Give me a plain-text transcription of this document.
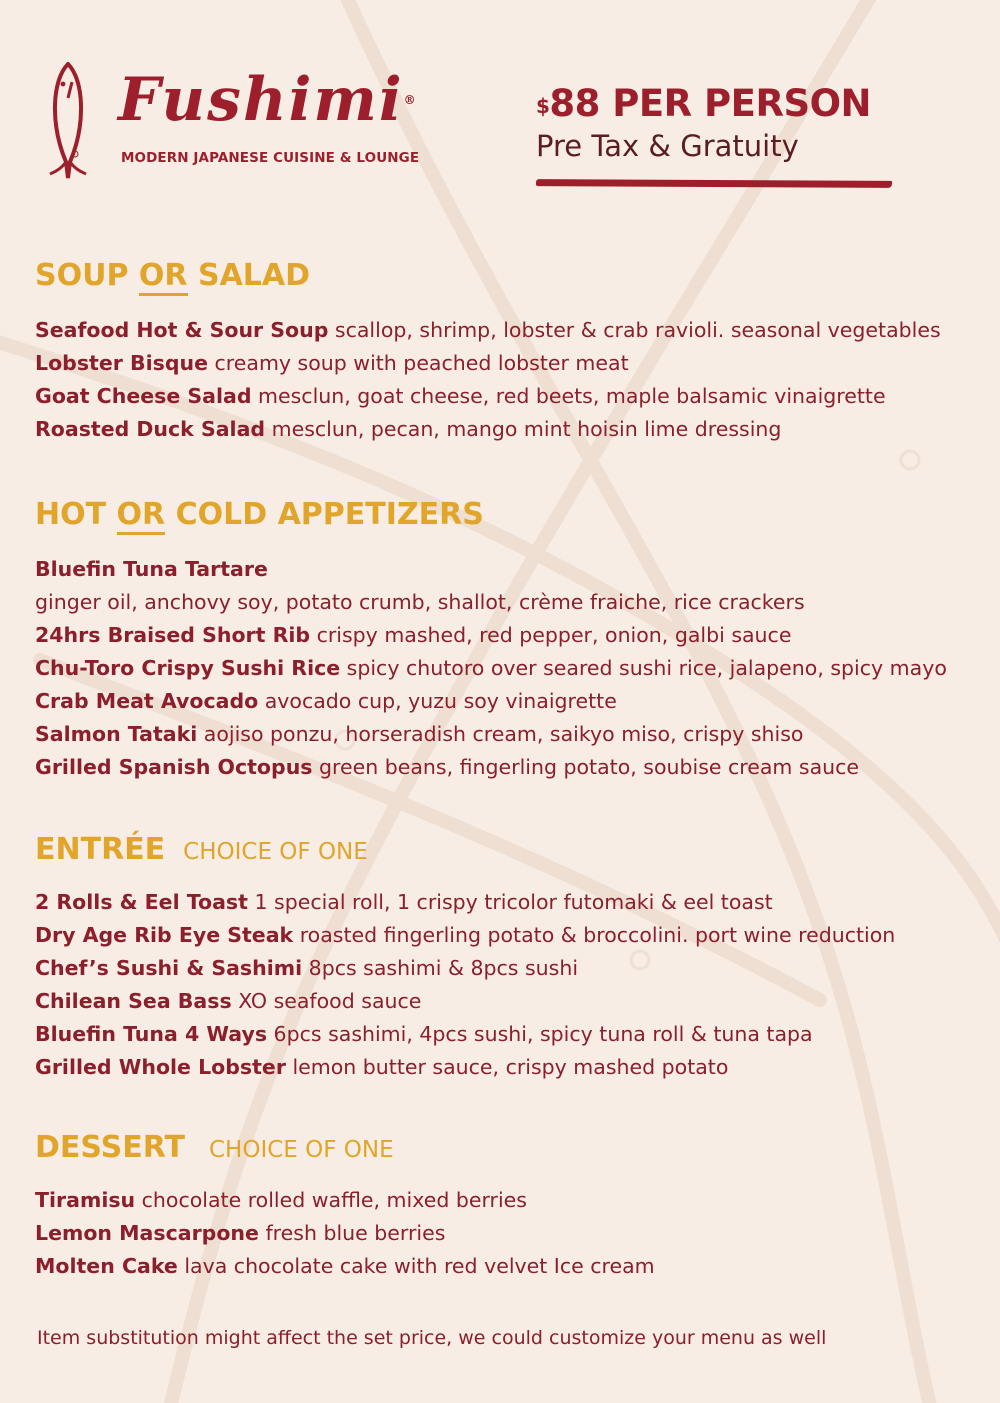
Fushimi®
MODERN JAPANESE CUISINE & LOUNGE
$88 PER PERSON
Pre Tax & Gratuity
SOUP OR SALAD
Seafood Hot & Sour Soup scallop, shrimp, lobster & crab ravioli. seasonal vegetables
Lobster Bisque creamy soup with peached lobster meat
Goat Cheese Salad mesclun, goat cheese, red beets, maple balsamic vinaigrette
Roasted Duck Salad mesclun, pecan, mango mint hoisin lime dressing
HOT OR COLD APPETIZERS
Bluefin Tuna Tartare
ginger oil, anchovy soy, potato crumb, shallot, crème fraiche, rice crackers
24hrs Braised Short Rib crispy mashed, red pepper, onion, galbi sauce
Chu-Toro Crispy Sushi Rice spicy chutoro over seared sushi rice, jalapeno, spicy mayo
Crab Meat Avocado avocado cup, yuzu soy vinaigrette
Salmon Tataki aojiso ponzu, horseradish cream, saikyo miso, crispy shiso
Grilled Spanish Octopus green beans, fingerling potato, soubise cream sauce
ENTRÉE CHOICE OF ONE
2 Rolls & Eel Toast 1 special roll, 1 crispy tricolor futomaki & eel toast
Dry Age Rib Eye Steak roasted fingerling potato & broccolini. port wine reduction
Chef’s Sushi & Sashimi 8pcs sashimi & 8pcs sushi
Chilean Sea Bass XO seafood sauce
Bluefin Tuna 4 Ways 6pcs sashimi, 4pcs sushi, spicy tuna roll & tuna tapa
Grilled Whole Lobster lemon butter sauce, crispy mashed potato
DESSERT CHOICE OF ONE
Tiramisu chocolate rolled waffle, mixed berries
Lemon Mascarpone fresh blue berries
Molten Cake lava chocolate cake with red velvet Ice cream
Item substitution might affect the set price, we could customize your menu as well
